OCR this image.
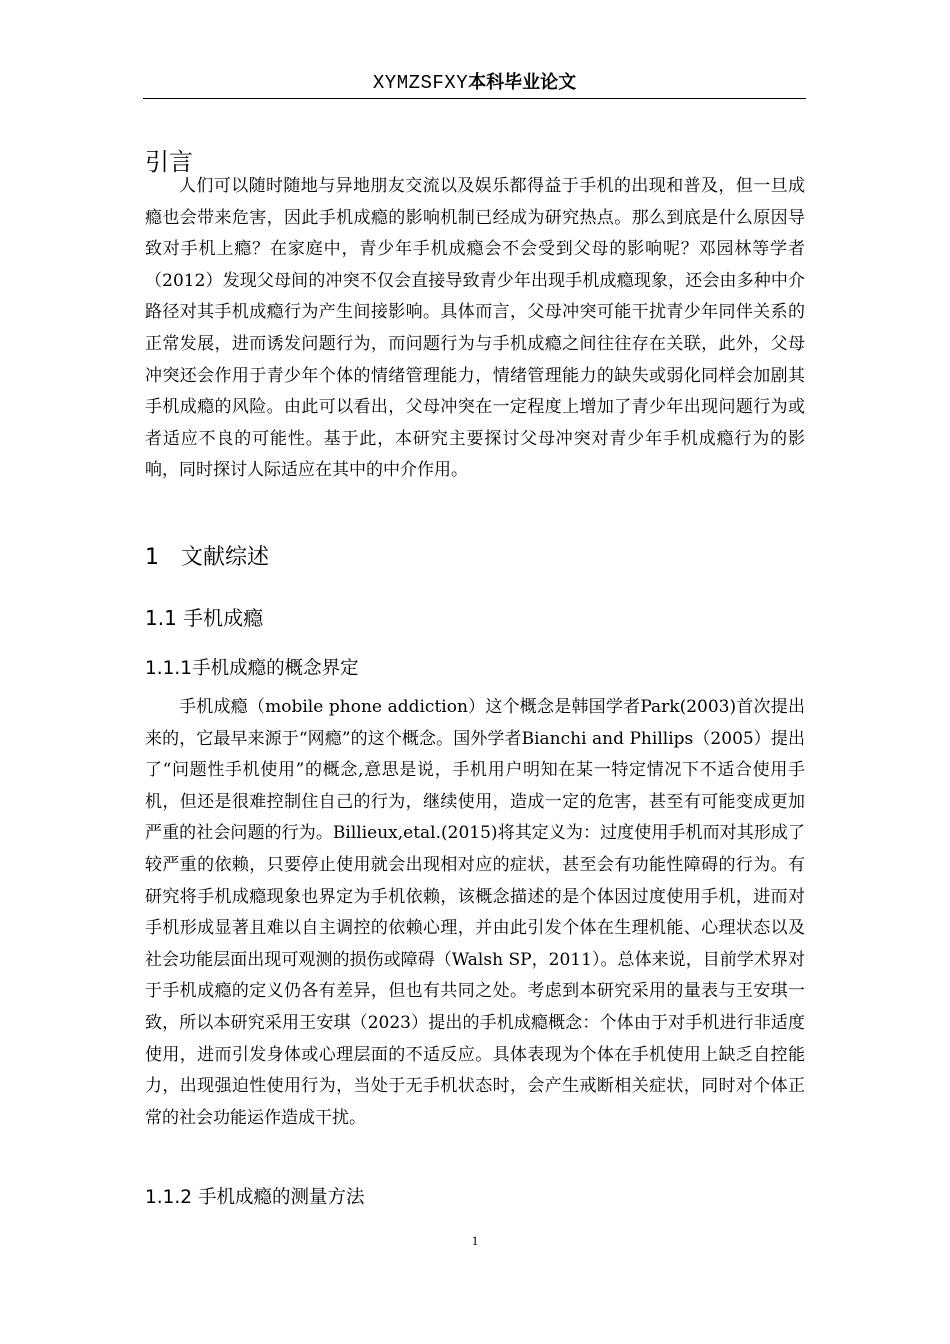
XYMZSFXY本科毕业论文
引言

人们可以随时随地与异地朋友交流以及娱乐都得益于手机的出现和普及，但一旦成瘾也会带来危害，因此手机成瘾的影响机制已经成为研究热点。那么到底是什么原因导致对手机上瘾？在家庭中，青少年手机成瘾会不会受到父母的影响呢？邓园林等学者（2012）发现父母间的冲突不仅会直接导致青少年出现手机成瘾现象，还会由多种中介路径对其手机成瘾行为产生间接影响。具体而言，父母冲突可能干扰青少年同伴关系的正常发展，进而诱发问题行为，而问题行为与手机成瘾之间往往存在关联，此外，父母冲突还会作用于青少年个体的情绪管理能力，情绪管理能力的缺失或弱化同样会加剧其手机成瘾的风险。由此可以看出，父母冲突在一定程度上增加了青少年出现问题行为或者适应不良的可能性。基于此，本研究主要探讨父母冲突对青少年手机成瘾行为的影响，同时探讨人际适应在其中的中介作用。

1　文献综述
1.1 手机成瘾
1.1.1手机成瘾的概念界定

手机成瘾（mobile phone addiction）这个概念是韩国学者Park(2003)首次提出来的，它最早来源于“网瘾”的这个概念。国外学者Bianchi and Phillips（2005）提出了“问题性手机使用”的概念,意思是说，手机用户明知在某一特定情况下不适合使用手机，但还是很难控制住自己的行为，继续使用，造成一定的危害，甚至有可能变成更加严重的社会问题的行为。Billieux,etal.(2015)将其定义为：过度使用手机而对其形成了较严重的依赖，只要停止使用就会出现相对应的症状，甚至会有功能性障碍的行为。有研究将手机成瘾现象也界定为手机依赖，该概念描述的是个体因过度使用手机，进而对手机形成显著且难以自主调控的依赖心理，并由此引发个体在生理机能、心理状态以及社会功能层面出现可观测的损伤或障碍（Walsh SP，2011）。总体来说，目前学术界对于手机成瘾的定义仍各有差异，但也有共同之处。考虑到本研究采用的量表与王安琪一致，所以本研究采用王安琪（2023）提出的手机成瘾概念：个体由于对手机进行非适度使用，进而引发身体或心理层面的不适反应。具体表现为个体在手机使用上缺乏自控能力，出现强迫性使用行为，当处于无手机状态时，会产生戒断相关症状，同时对个体正常的社会功能运作造成干扰。

1.1.2 手机成瘾的测量方法
1
